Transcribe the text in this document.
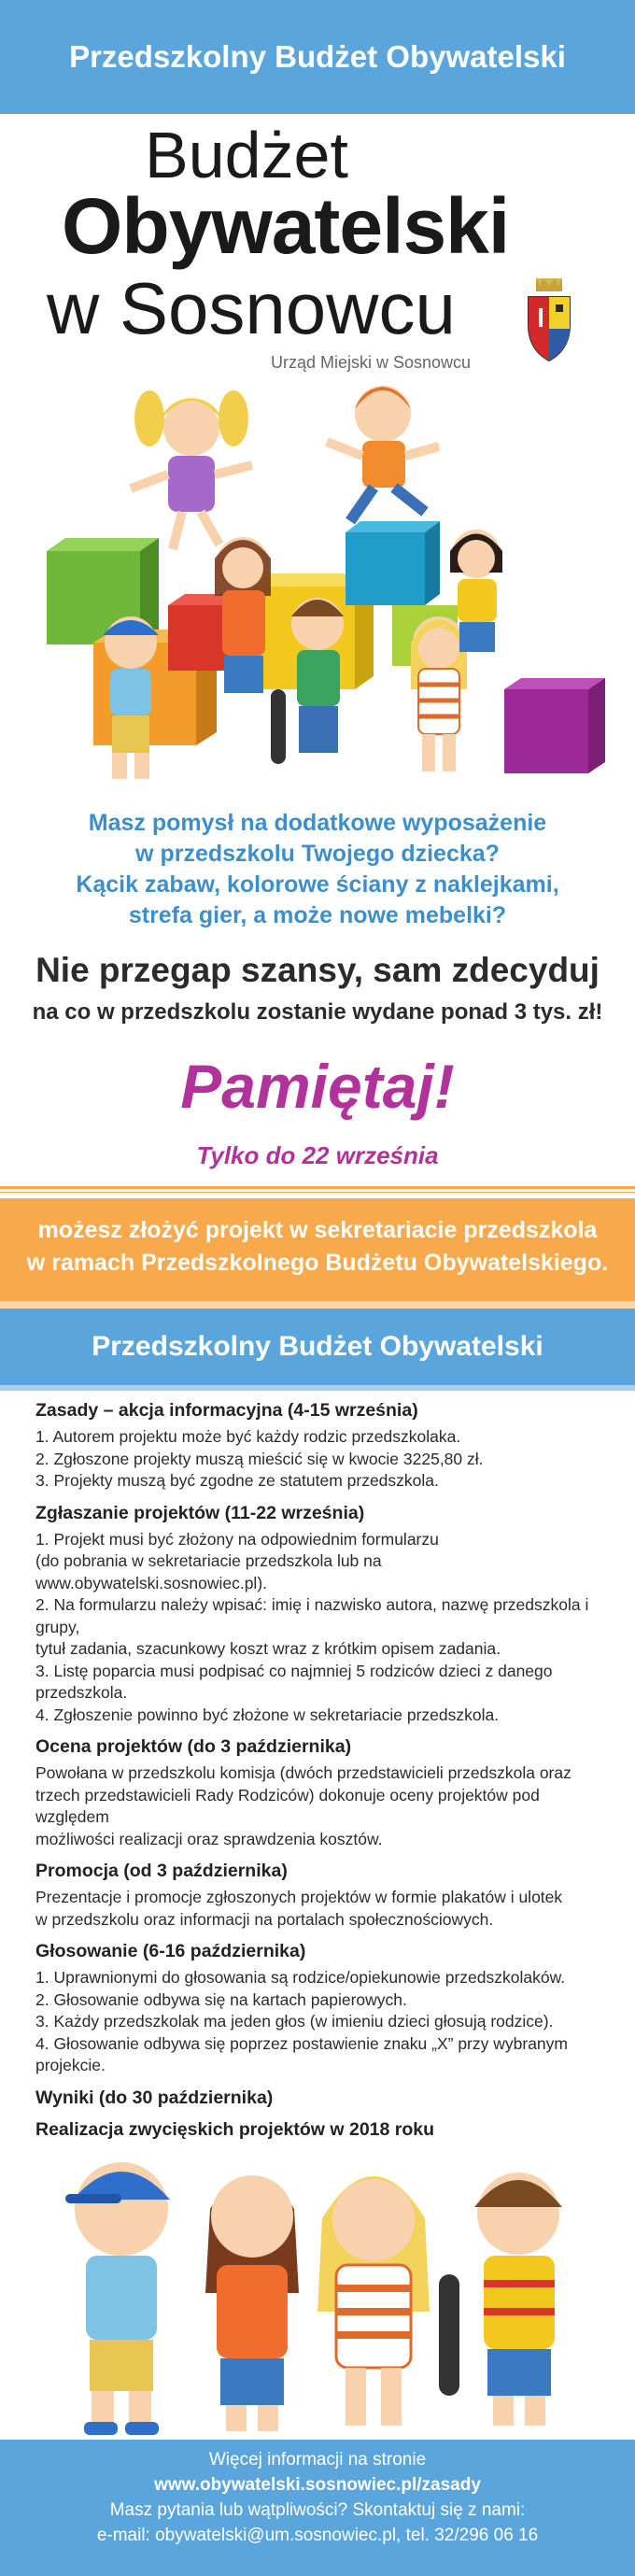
Przedszkolny Budżet Obywatelski
Budżet
Obywatelski
w Sosnowcu
Urząd Miejski w Sosnowcu
Masz pomysł na dodatkowe wyposażenie
w przedszkolu Twojego dziecka?
Kącik zabaw, kolorowe ściany z naklejkami,
strefa gier, a może nowe mebelki?
Nie przegap szansy, sam zdecyduj
na co w przedszkolu zostanie wydane ponad 3 tys. zł!
Pamiętaj!
Tylko do 22 września
możesz złożyć projekt w sekretariacie przedszkola
w ramach Przedszkolnego Budżetu Obywatelskiego.
Przedszkolny Budżet Obywatelski
Zasady – akcja informacyjna (4-15 września)

1. Autorem projektu może być każdy rodzic przedszkolaka.

2. Zgłoszone projekty muszą mieścić się w kwocie 3225,80 zł.

3. Projekty muszą być zgodne ze statutem przedszkola.

Zgłaszanie projektów (11-22 września)

1. Projekt musi być złożony na odpowiednim formularzu

(do pobrania w sekretariacie przedszkola lub na www.obywatelski.sosnowiec.pl).

2. Na formularzu należy wpisać: imię i nazwisko autora, nazwę przedszkola i grupy,

tytuł zadania, szacunkowy koszt wraz z krótkim opisem zadania.

3. Listę poparcia musi podpisać co najmniej 5 rodziców dzieci z danego przedszkola.

4. Zgłoszenie powinno być złożone w sekretariacie przedszkola.

Ocena projektów (do 3 października)

Powołana w przedszkolu komisja (dwóch przedstawicieli przedszkola oraz

trzech przedstawicieli Rady Rodziców) dokonuje oceny projektów pod względem

możliwości realizacji oraz sprawdzenia kosztów.

Promocja (od 3 października)

Prezentacje i promocje zgłoszonych projektów w formie plakatów i ulotek

w przedszkolu oraz informacji na portalach społecznościowych.

Głosowanie (6-16 października)

1. Uprawnionymi do głosowania są rodzice/opiekunowie przedszkolaków.

2. Głosowanie odbywa się na kartach papierowych.

3. Każdy przedszkolak ma jeden głos (w imieniu dzieci głosują rodzice).

4. Głosowanie odbywa się poprzez postawienie znaku „X” przy wybranym projekcie.

Wyniki (do 30 października)
Realizacja zwycięskich projektów w 2018 roku
Więcej informacji na stronie
www.obywatelski.sosnowiec.pl/zasady
Masz pytania lub wątpliwości? Skontaktuj się z nami:
e-mail: obywatelski@um.sosnowiec.pl, tel. 32/296 06 16
